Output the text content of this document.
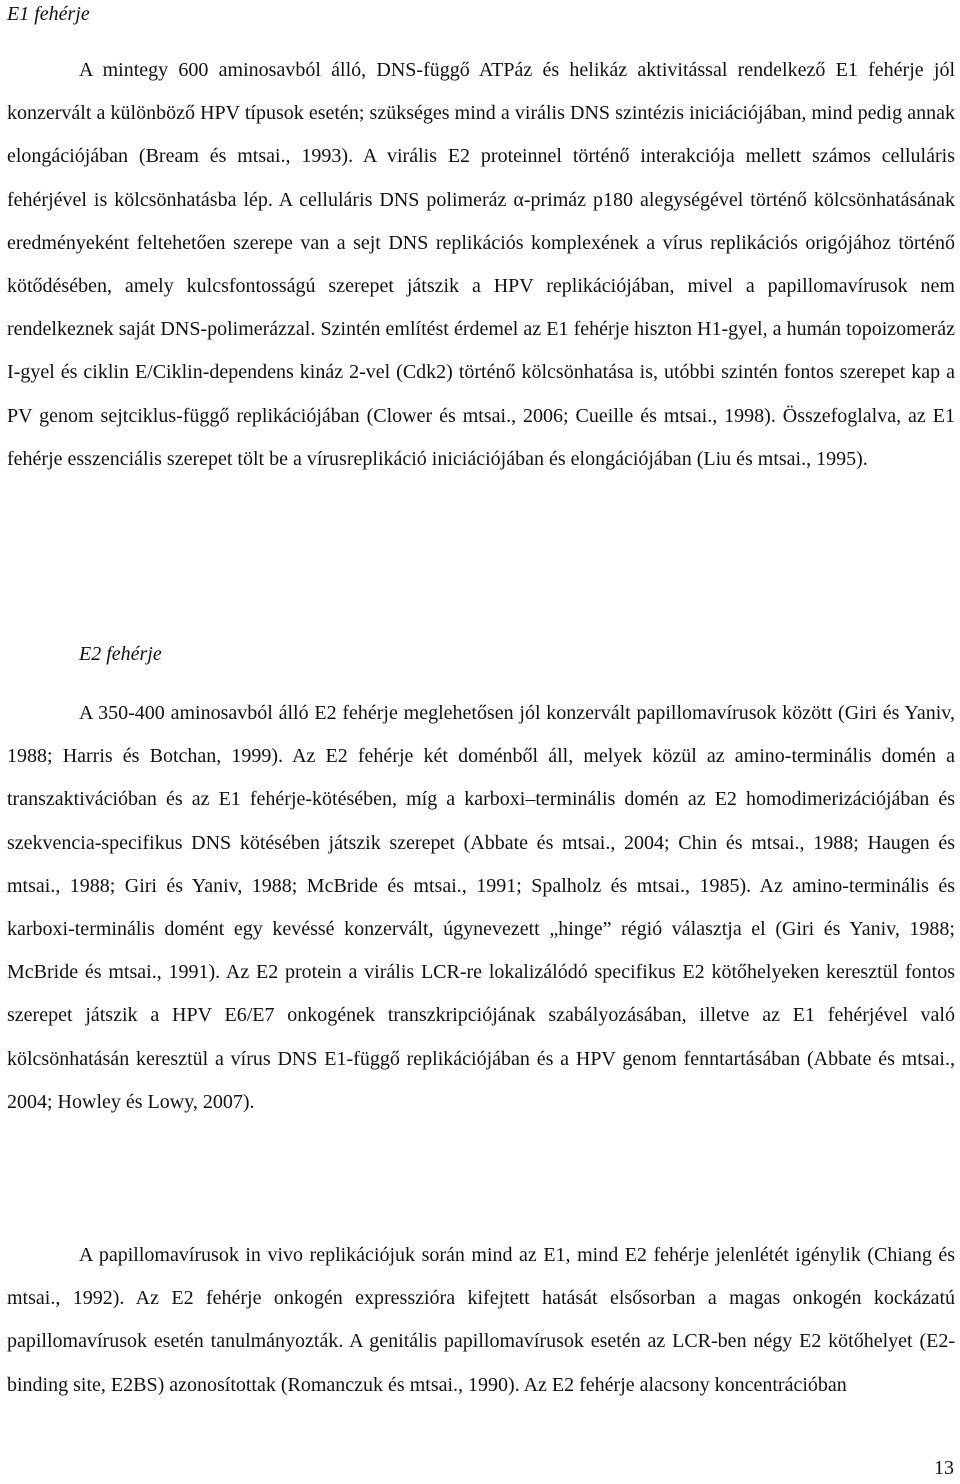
E1 fehérje

A mintegy 600 aminosavból álló, DNS-függő ATPáz és helikáz aktivitással rendelkező E1 fehérje jól konzervált a különböző HPV típusok esetén; szükséges mind a virális DNS szintézis iniciációjában, mind pedig annak elongációjában (Bream és mtsai., 1993). A virális E2 proteinnel történő interakciója mellett számos celluláris fehérjével is kölcsönhatásba lép. A celluláris DNS polimeráz α-primáz p180 alegységével történő kölcsönhatásának eredményeként feltehetően szerepe van a sejt DNS replikációs komplexének a vírus replikációs origójához történő kötődésében, amely kulcsfontosságú szerepet játszik a HPV replikációjában, mivel a papillomavírusok nem rendelkeznek saját DNS-polimerázzal. Szintén említést érdemel az E1 fehérje hiszton H1-gyel, a humán topoizomeráz I-gyel és ciklin E/Ciklin-dependens kináz 2-vel (Cdk2) történő kölcsönhatása is, utóbbi szintén fontos szerepet kap a PV genom sejtciklus-függő replikációjában (Clower és mtsai., 2006; Cueille és mtsai., 1998). Összefoglalva, az E1 fehérje esszenciális szerepet tölt be a vírusreplikáció iniciációjában és elongációjában (Liu és mtsai., 1995).

E2 fehérje

A 350-400 aminosavból álló E2 fehérje meglehetősen jól konzervált papillomavírusok között (Giri és Yaniv, 1988; Harris és Botchan, 1999). Az E2 fehérje két doménből áll, melyek közül az amino-terminális domén a transzaktivációban és az E1 fehérje-kötésében, míg a karboxi–terminális domén az E2 homodimerizációjában és szekvencia-specifikus DNS kötésében játszik szerepet (Abbate és mtsai., 2004; Chin és mtsai., 1988; Haugen és mtsai., 1988; Giri és Yaniv, 1988; McBride és mtsai., 1991; Spalholz és mtsai., 1985). Az amino-terminális és karboxi-terminális domént egy kevéssé konzervált, úgynevezett „hinge” régió választja el (Giri és Yaniv, 1988; McBride és mtsai., 1991). Az E2 protein a virális LCR-re lokalizálódó specifikus E2 kötőhelyeken keresztül fontos szerepet játszik a HPV E6/E7 onkogének transzkripciójának szabályozásában, illetve az E1 fehérjével való kölcsönhatásán keresztül a vírus DNS E1-függő replikációjában és a HPV genom fenntartásában (Abbate és mtsai., 2004; Howley és Lowy, 2007).

A papillomavírusok in vivo replikációjuk során mind az E1, mind E2 fehérje jelenlétét igénylik (Chiang és mtsai., 1992). Az E2 fehérje onkogén expresszióra kifejtett hatását elsősorban a magas onkogén kockázatú papillomavírusok esetén tanulmányozták. A genitális papillomavírusok esetén az LCR-ben négy E2 kötőhelyet (E2-binding site, E2BS) azonosítottak (Romanczuk és mtsai., 1990). Az E2 fehérje alacsony koncentrációban

13
